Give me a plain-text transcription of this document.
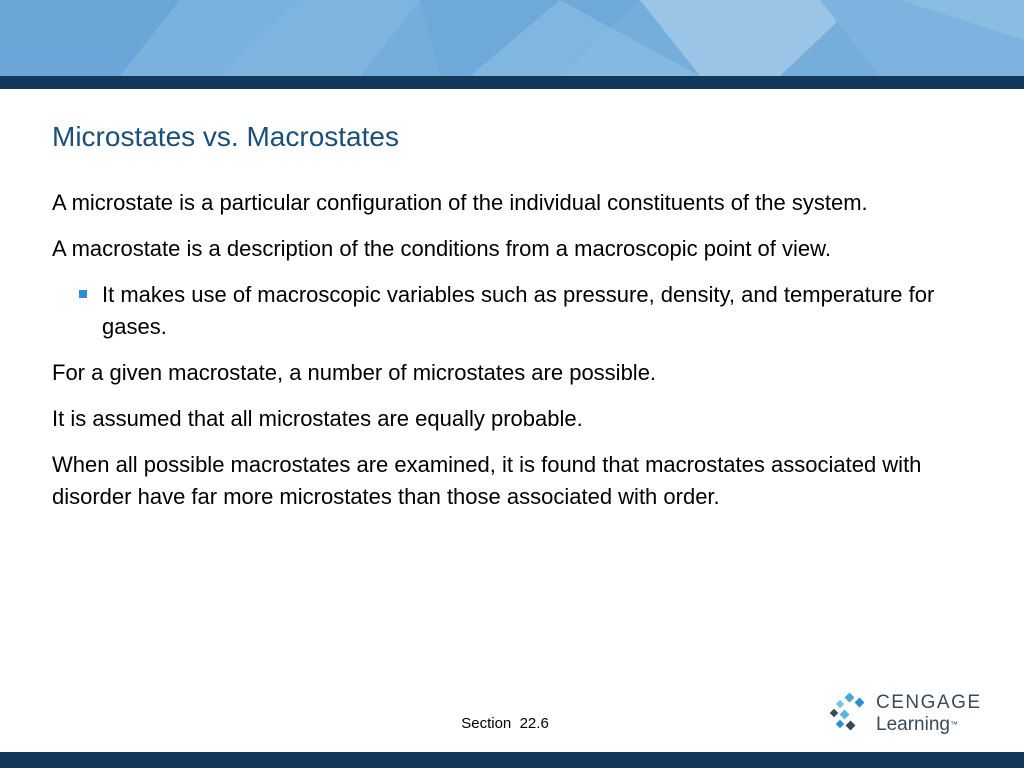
Microstates vs. Macrostates

A microstate is a particular configuration of the individual constituents of the system.

A macrostate is a description of the conditions from a macroscopic point of view.

It makes use of macroscopic variables such as pressure, density, and temperature for gases.

For a given macrostate, a number of microstates are possible.

It is assumed that all microstates are equally probable.

When all possible macrostates are examined, it is found that macrostates associated with disorder have far more microstates than those associated with order.

Section  22.6
CENGAGE
Learning™
